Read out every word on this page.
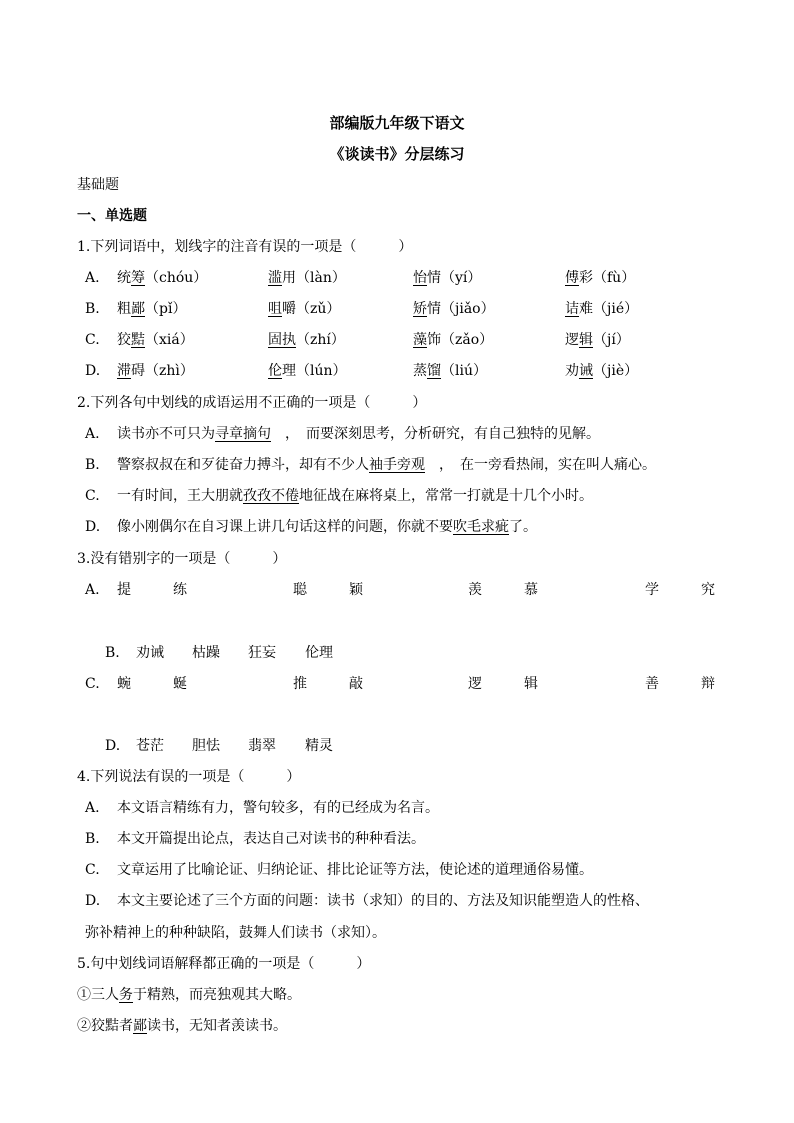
部编版九年级下语文
《谈读书》分层练习
基础题
一、单选题
1.下列词语中，划线字的注音有误的一项是（　　　）
A. 统筹（chóu）	滥用（làn）	怡情（yí）	傅彩（fù）
B. 粗鄙（pǐ）	咀嚼（zǔ）	矫情（jiǎo）	诘难（jié）
C. 狡黠（xiá）	固执（zhí）	藻饰（zǎo）	逻辑（jí）
D. 滞碍（zhì）	伦理（lún）	蒸馏（liú）	劝诫（jiè）
2.下列各句中划线的成语运用不正确的一项是（　　　）
A. 读书亦不可只为寻章摘句　，　而要深刻思考，分析研究，有自己独特的见解。
B. 警察叔叔在和歹徒奋力搏斗，却有不少人袖手旁观　，　在一旁看热闹，实在叫人痛心。
C. 一有时间，王大朋就孜孜不倦地征战在麻将桌上，常常一打就是十几个小时。
D. 像小刚偶尔在自习课上讲几句话这样的问题，你就不要吹毛求疵了。
3.没有错别字的一项是（　　　）
A. 提	练	聪	颖	羡	慕	学	究
B. 劝诫 枯躁 狂妄 伦理
C. 蜿	蜒	推	敲	逻	辑	善	辩
D. 苍茫 胆怯 翡翠 精灵
4.下列说法有误的一项是（　　　）
A. 本文语言精练有力，警句较多，有的已经成为名言。
B. 本文开篇提出论点，表达自己对读书的种种看法。
C. 文章运用了比喻论证、归纳论证、排比论证等方法，使论述的道理通俗易懂。
D. 本文主要论述了三个方面的问题：读书（求知）的目的、方法及知识能塑造人的性格、
弥补精神上的种种缺陷，鼓舞人们读书（求知）。
5.句中划线词语解释都正确的一项是（　　　）
①三人务于精熟，而亮独观其大略。
②狡黠者鄙读书，无知者羡读书。
